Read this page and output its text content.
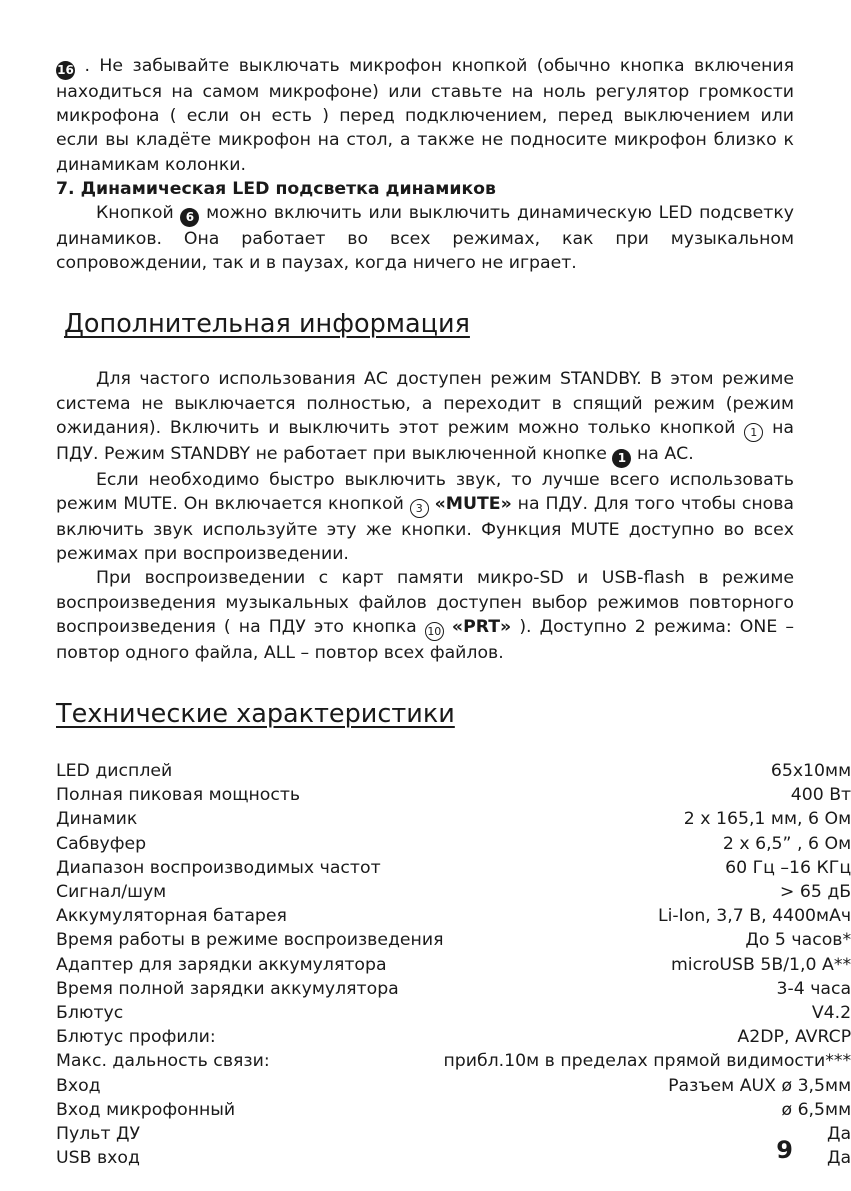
16 . Не забывайте выключать микрофон кнопкой (обычно кнопка включения находиться на самом микрофоне) или ставьте на ноль регулятор громкости микрофона ( если он есть ) перед подключением, перед выключением или если вы кладёте микрофон на стол, а также не подносите микрофон близко к динамикам колонки.

7. Динамическая LED подсветка динамиков

Кнопкой 6 можно включить или выключить динамическую LED подсветку динамиков. Она работает во всех режимах, как при музыкальном сопровождении, так и в паузах, когда ничего не играет.

Дополнительная информация

Для частого использования АС доступен режим STANDBY. В этом режиме система не выключается полностью, а переходит в спящий режим (режим ожидания). Включить и выключить этот режим можно только кнопкой 1 на ПДУ. Режим STANDBY не работает при выключенной кнопке 1 на АС.

Если необходимо быстро выключить звук, то лучше всего использовать режим MUTE. Он включается кнопкой 3 «MUTE» на ПДУ. Для того чтобы снова включить звук используйте эту же кнопки. Функция MUTE доступно во всех режимах при воспроизведении.

При воспроизведении с карт памяти микро-SD и USB-flash в режиме воспроизведения музыкальных файлов доступен выбор режимов повторного воспроизведения ( на ПДУ это кнопка 10 «PRT» ). Доступно 2 режима: ONE – повтор одного файла, ALL – повтор всех файлов.

Технические характеристики
LED дисплей	65х10мм
Полная пиковая мощность	400 Вт
Динамик	2 х 165,1 мм, 6 Ом
Сабвуфер	2 х 6,5” , 6 Ом
Диапазон воспроизводимых частот	60 Гц –16 КГц
Сигнал/шум	> 65 дБ
Аккумуляторная батарея	Li-Ion, 3,7 В, 4400мАч
Время работы в режиме воспроизведения	До 5 часов*
Адаптер для зарядки аккумулятора	microUSB 5В/1,0 А**
Время полной зарядки аккумулятора	3-4 часа
Блютус	V4.2
Блютус профили:	A2DP, AVRCP
Макс. дальность связи:	прибл.10м в пределах прямой видимости***
Вход	Разъем AUX ø 3,5мм
Вход микрофонный	ø 6,5мм
Пульт ДУ	Да
USB вход	Да
9
